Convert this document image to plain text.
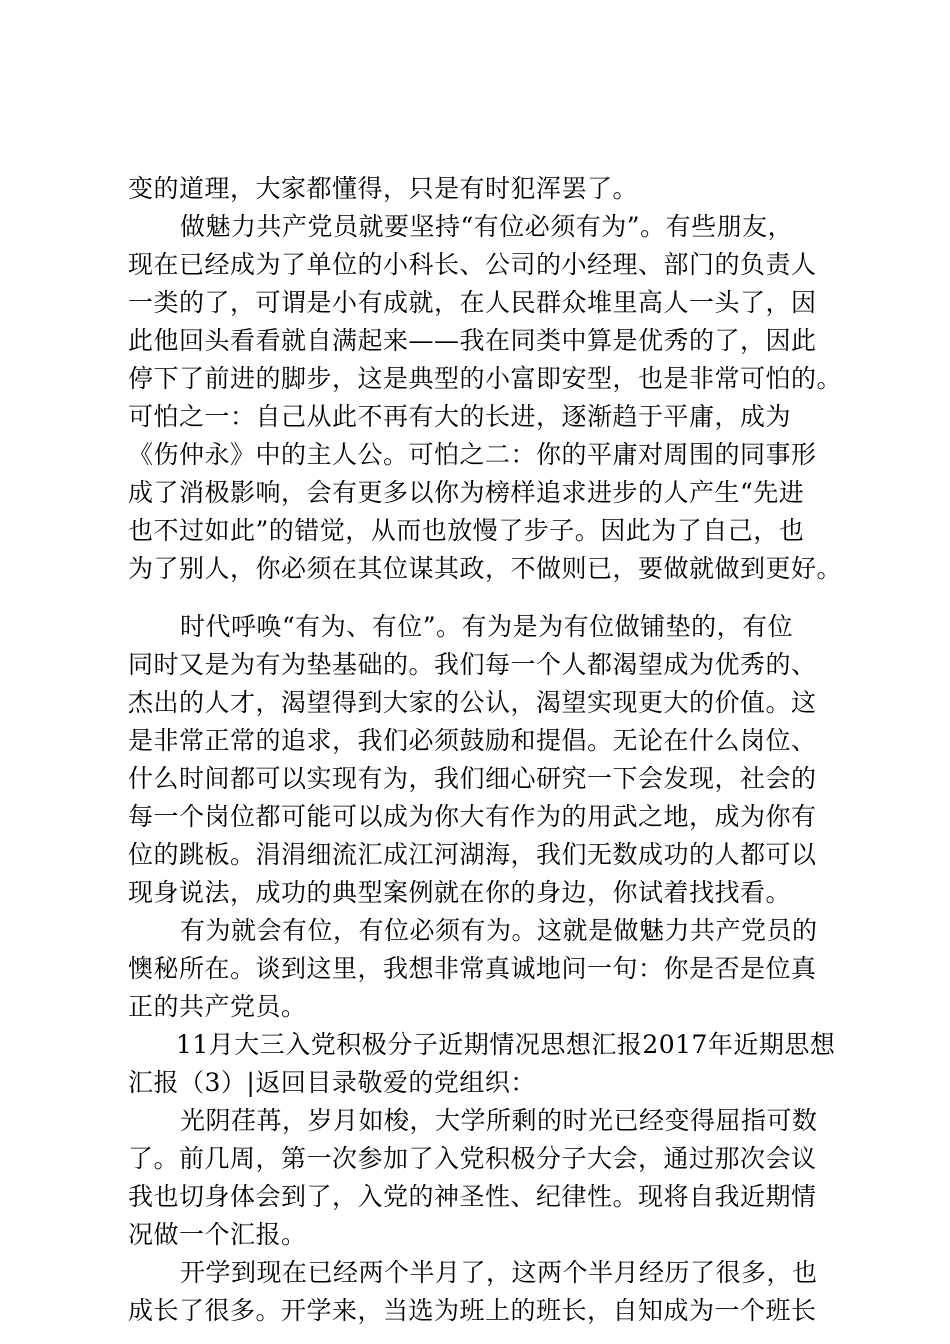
变的道理，大家都懂得，只是有时犯浑罢了。
做魅力共产党员就要坚持“有位必须有为”。有些朋友，
现在已经成为了单位的小科长、公司的小经理、部门的负责人
一类的了，可谓是小有成就，在人民群众堆里高人一头了，因
此他回头看看就自满起来——我在同类中算是优秀的了，因此
停下了前进的脚步，这是典型的小富即安型，也是非常可怕的。
可怕之一：自己从此不再有大的长进，逐渐趋于平庸，成为
《伤仲永》中的主人公。可怕之二：你的平庸对周围的同事形
成了消极影响，会有更多以你为榜样追求进步的人产生“先进
也不过如此”的错觉，从而也放慢了步子。因此为了自己，也
为了别人，你必须在其位谋其政，不做则已，要做就做到更好。
时代呼唤“有为、有位”。有为是为有位做铺垫的，有位
同时又是为有为垫基础的。我们每一个人都渴望成为优秀的、
杰出的人才，渴望得到大家的公认，渴望实现更大的价值。这
是非常正常的追求，我们必须鼓励和提倡。无论在什么岗位、
什么时间都可以实现有为，我们细心研究一下会发现，社会的
每一个岗位都可能可以成为你大有作为的用武之地，成为你有
位的跳板。涓涓细流汇成江河湖海，我们无数成功的人都可以
现身说法，成功的典型案例就在你的身边，你试着找找看。
有为就会有位，有位必须有为。这就是做魅力共产党员的
懊秘所在。谈到这里，我想非常真诚地问一句：你是否是位真
正的共产党员。
11月大三入党积极分子近期情况思想汇报2017年近期思想
汇报（3）|返回目录敬爱的党组织：
光阴荏苒，岁月如梭，大学所剩的时光已经变得屈指可数
了。前几周，第一次参加了入党积极分子大会，通过那次会议
我也切身体会到了，入党的神圣性、纪律性。现将自我近期情
况做一个汇报。
开学到现在已经两个半月了，这两个半月经历了很多，也
成长了很多。开学来，当选为班上的班长，自知成为一个班长
